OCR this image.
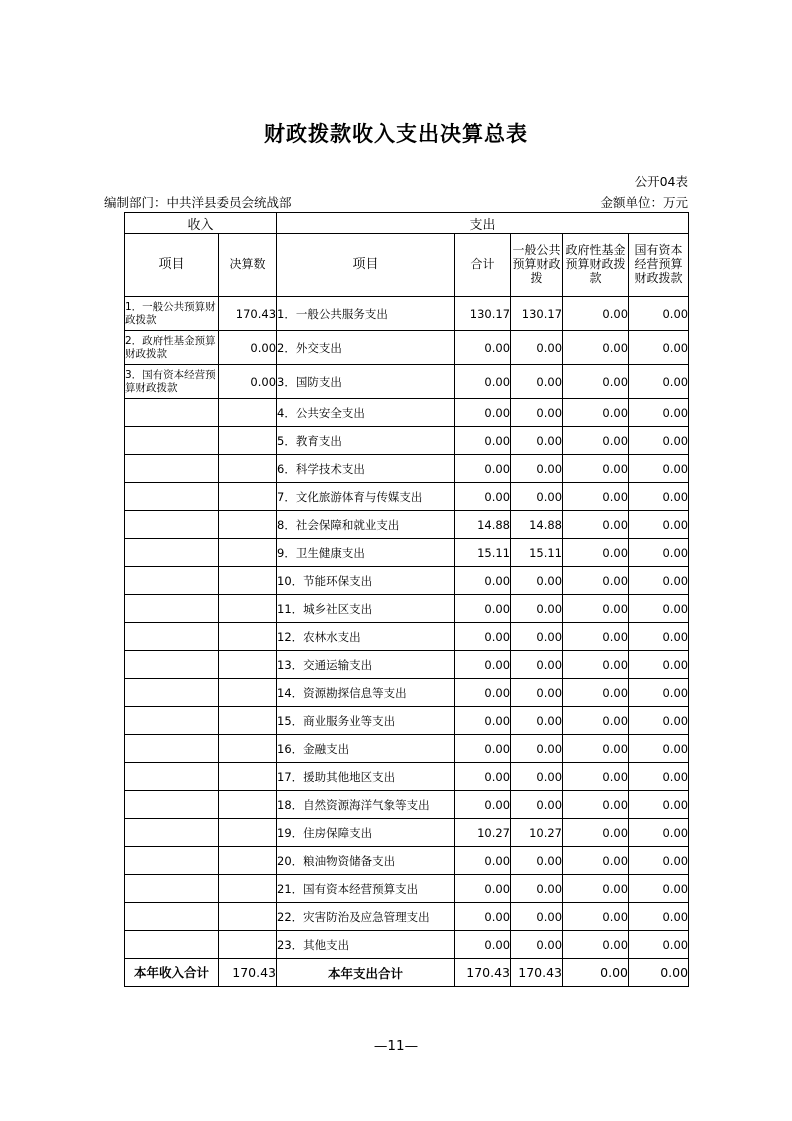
财政拨款收入支出决算总表
公开04表
编制部门：中共洋县委员会统战部	金额单位：万元
收入		支出				
项目	决算数	项目	合计	一般公共预算财政拨	政府性基金预算财政拨款	国有资本经营预算财政拨款
1．一般公共预算财政拨款	170.43	1．一般公共服务支出	130.17	130.17	0.00	0.00
2．政府性基金预算财政拨款	0.00	2．外交支出	0.00	0.00	0.00	0.00
3．国有资本经营预算财政拨款	0.00	3．国防支出	0.00	0.00	0.00	0.00
		4．公共安全支出	0.00	0.00	0.00	0.00
		5．教育支出	0.00	0.00	0.00	0.00
		6．科学技术支出	0.00	0.00	0.00	0.00
		7．文化旅游体育与传媒支出	0.00	0.00	0.00	0.00
		8．社会保障和就业支出	14.88	14.88	0.00	0.00
		9．卫生健康支出	15.11	15.11	0.00	0.00
		10．节能环保支出	0.00	0.00	0.00	0.00
		11．城乡社区支出	0.00	0.00	0.00	0.00
		12．农林水支出	0.00	0.00	0.00	0.00
		13．交通运输支出	0.00	0.00	0.00	0.00
		14．资源勘探信息等支出	0.00	0.00	0.00	0.00
		15．商业服务业等支出	0.00	0.00	0.00	0.00
		16．金融支出	0.00	0.00	0.00	0.00
		17．援助其他地区支出	0.00	0.00	0.00	0.00
		18．自然资源海洋气象等支出	0.00	0.00	0.00	0.00
		19．住房保障支出	10.27	10.27	0.00	0.00
		20．粮油物资储备支出	0.00	0.00	0.00	0.00
		21．国有资本经营预算支出	0.00	0.00	0.00	0.00
		22．灾害防治及应急管理支出	0.00	0.00	0.00	0.00
		23．其他支出	0.00	0.00	0.00	0.00
本年收入合计	170.43	本年支出合计	170.43	170.43	0.00	0.00
—11—
